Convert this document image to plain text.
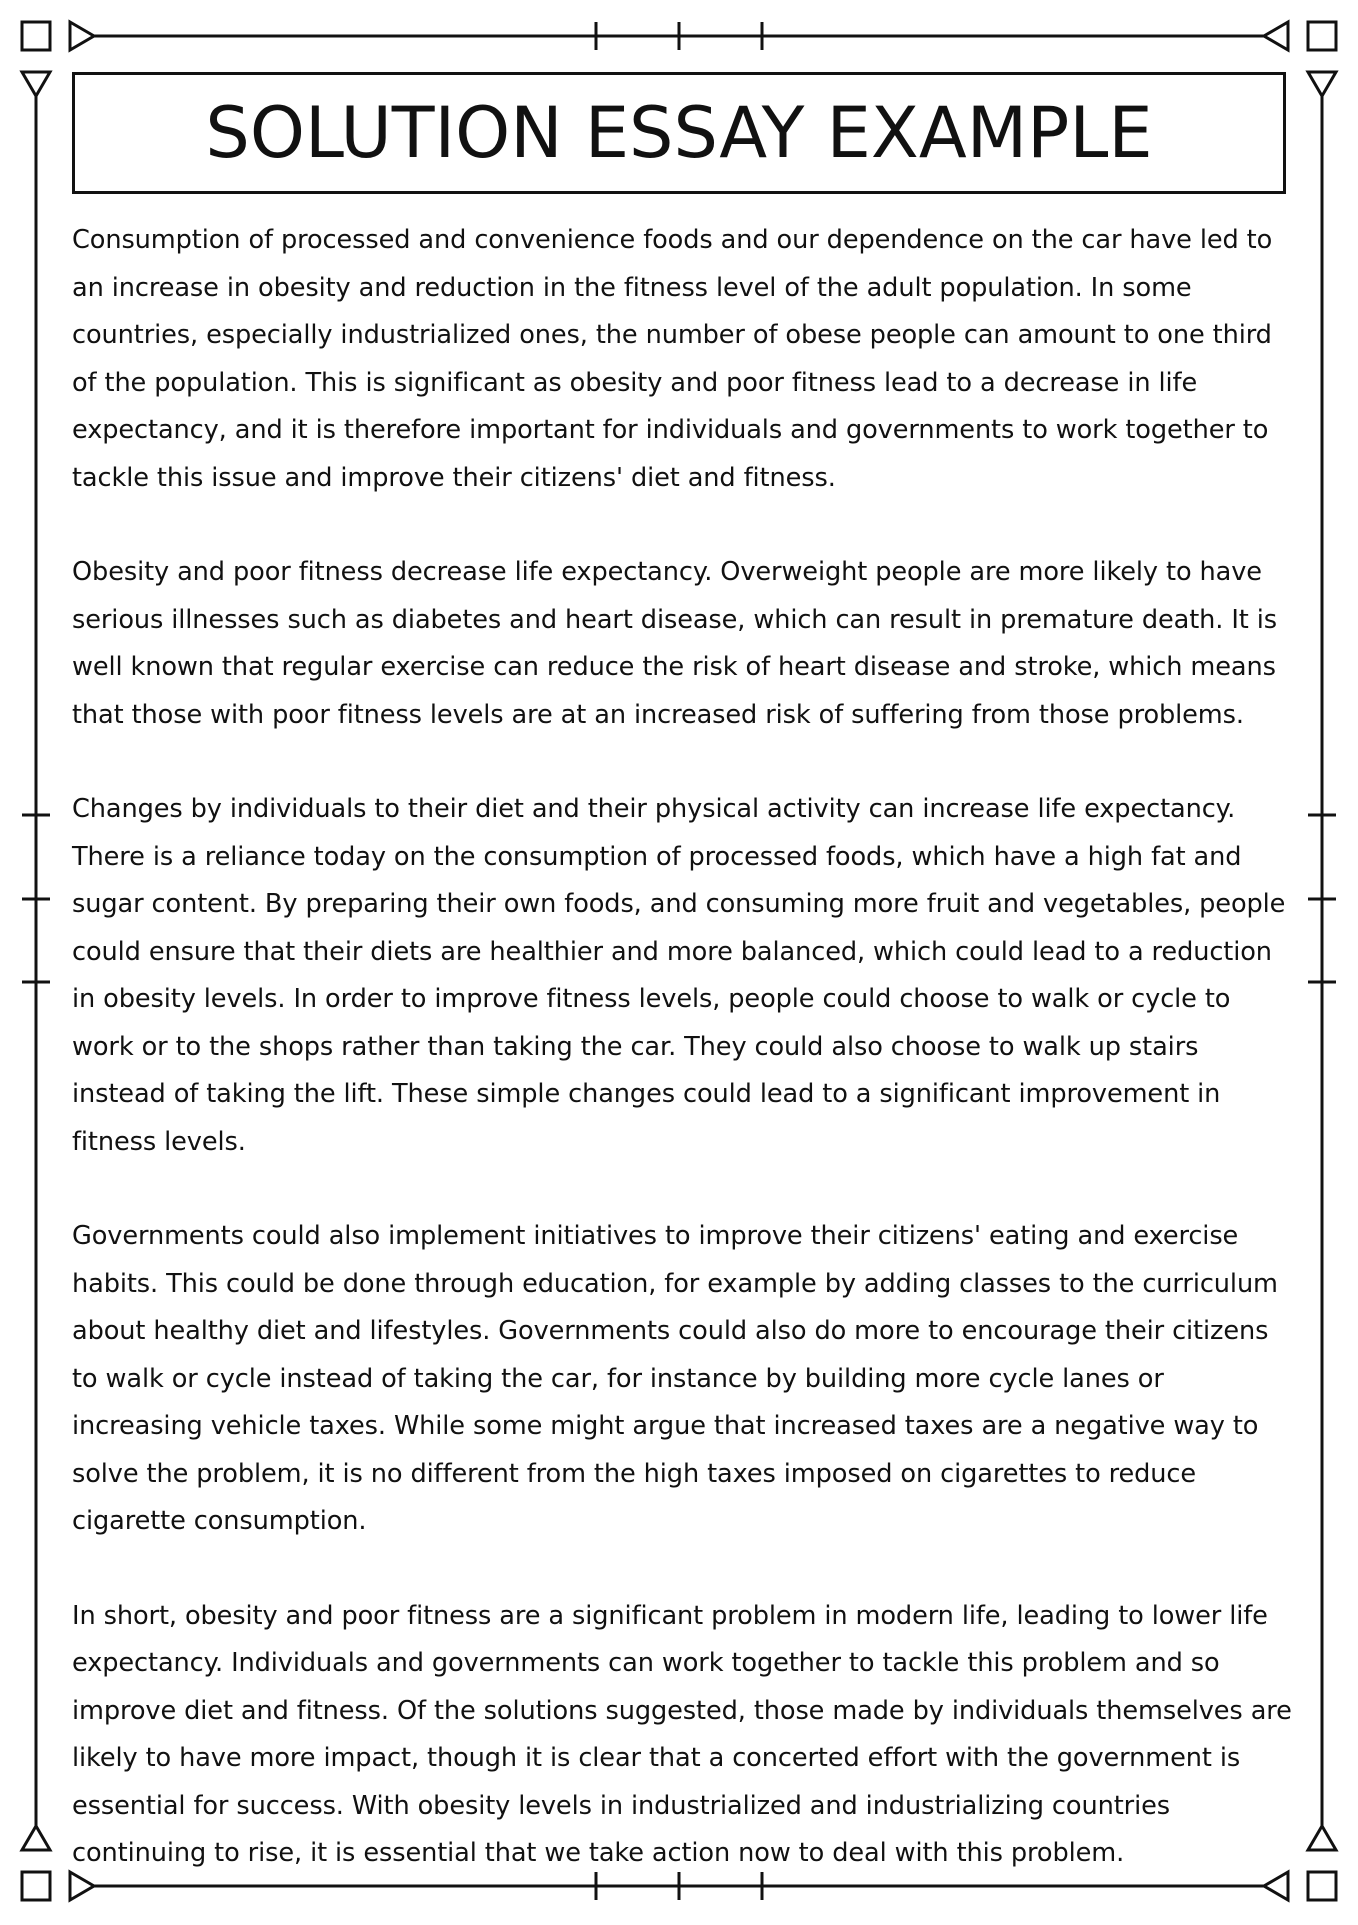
SOLUTION ESSAY EXAMPLE

Consumption of processed and convenience foods and our dependence on the car have led to an increase in obesity and reduction in the fitness level of the adult population. In some countries, especially industrialized ones, the number of obese people can amount to one third of the population. This is significant as obesity and poor fitness lead to a decrease in life expectancy, and it is therefore important for individuals and governments to work together to tackle this issue and improve their citizens' diet and fitness.

Obesity and poor fitness decrease life expectancy. Overweight people are more likely to have serious illnesses such as diabetes and heart disease, which can result in premature death. It is well known that regular exercise can reduce the risk of heart disease and stroke, which means that those with poor fitness levels are at an increased risk of suffering from those problems.

Changes by individuals to their diet and their physical activity can increase life expectancy. There is a reliance today on the consumption of processed foods, which have a high fat and sugar content. By preparing their own foods, and consuming more fruit and vegetables, people could ensure that their diets are healthier and more balanced, which could lead to a reduction in obesity levels. In order to improve fitness levels, people could choose to walk or cycle to work or to the shops rather than taking the car. They could also choose to walk up stairs instead of taking the lift. These simple changes could lead to a significant improvement in fitness levels.

Governments could also implement initiatives to improve their citizens' eating and exercise habits. This could be done through education, for example by adding classes to the curriculum about healthy diet and lifestyles. Governments could also do more to encourage their citizens to walk or cycle instead of taking the car, for instance by building more cycle lanes or increasing vehicle taxes. While some might argue that increased taxes are a negative way to solve the problem, it is no different from the high taxes imposed on cigarettes to reduce cigarette consumption.

In short, obesity and poor fitness are a significant problem in modern life, leading to lower life expectancy. Individuals and governments can work together to tackle this problem and so improve diet and fitness. Of the solutions suggested, those made by individuals themselves are likely to have more impact, though it is clear that a concerted effort with the government is essential for success. With obesity levels in industrialized and industrializing countries continuing to rise, it is essential that we take action now to deal with this problem.
